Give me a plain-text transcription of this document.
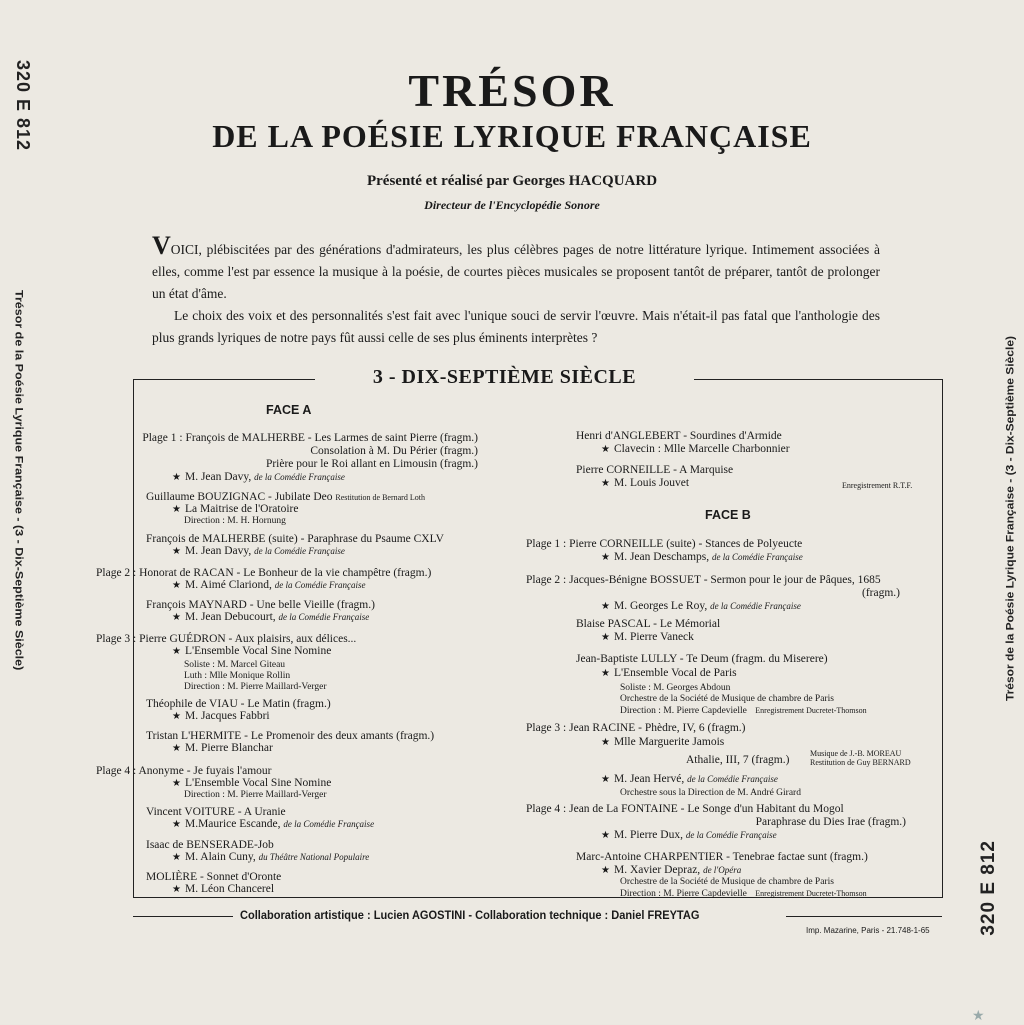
320 E 812
Trésor de la Poésie Lyrique Française - (3 - Dix-Septième Siècle)	Trésor de la Poésie Lyrique Française - (3 - Dix-Septième Siècle)
320 E 812
TRÉSOR
DE LA POÉSIE LYRIQUE FRANÇAISE
Présenté et réalisé par Georges HACQUARD
Directeur de l'Encyclopédie Sonore

VOICI, plébiscitées par des générations d'admirateurs, les plus célèbres pages de notre littérature lyrique. Intimement associées à elles, comme l'est par essence la musique à la poésie, de courtes pièces musicales se proposent tantôt de préparer, tantôt de prolonger un état d'âme.

Le choix des voix et des personnalités s'est fait avec l'unique souci de servir l'œuvre. Mais n'était-il pas fatal que l'anthologie des plus grands lyriques de notre pays fût aussi celle de ses plus éminents interprètes ?

3 - DIX-SEPTIÈME SIÈCLE
FACE A
Plage 1 : François de MALHERBE - Les Larmes de saint Pierre (fragm.)
Consolation à M. Du Périer (fragm.)
Prière pour le Roi allant en Limousin (fragm.)
★ M. Jean Davy, de la Comédie Française
Guillaume BOUZIGNAC - Jubilate Deo Restitution de Bernard Loth
★ La Maitrise de l'Oratoire
Direction : M. H. Hornung
François de MALHERBE (suite) - Paraphrase du Psaume CXLV
★ M. Jean Davy, de la Comédie Française
Plage 2 : Honorat de RACAN - Le Bonheur de la vie champêtre (fragm.)
★ M. Aimé Clariond, de la Comédie Française
François MAYNARD - Une belle Vieille (fragm.)
★ M. Jean Debucourt, de la Comédie Française
Plage 3 : Pierre GUÉDRON - Aux plaisirs, aux délices...
★ L'Ensemble Vocal Sine Nomine
Soliste : M. Marcel Giteau
Luth : Mlle Monique Rollin
Direction : M. Pierre Maillard-Verger
Théophile de VIAU - Le Matin (fragm.)
★ M. Jacques Fabbri
Tristan L'HERMITE - Le Promenoir des deux amants (fragm.)
★ M. Pierre Blanchar
Plage 4 : Anonyme - Je fuyais l'amour
★ L'Ensemble Vocal Sine Nomine
Direction : M. Pierre Maillard-Verger
Vincent VOITURE - A Uranie
★ M.Maurice Escande, de la Comédie Française
Isaac de BENSERADE-Job
★ M. Alain Cuny, du Théâtre National Populaire
MOLIÈRE - Sonnet d'Oronte
★ M. Léon Chancerel
Henri d'ANGLEBERT - Sourdines d'Armide
★ Clavecin : Mlle Marcelle Charbonnier
Pierre CORNEILLE - A Marquise
★ M. Louis Jouvet	Enregistrement R.T.F.
FACE B
Plage 1 : Pierre CORNEILLE (suite) - Stances de Polyeucte
★ M. Jean Deschamps, de la Comédie Française
Plage 2 : Jacques-Bénigne BOSSUET - Sermon pour le jour de Pâques, 1685
(fragm.)
★ M. Georges Le Roy, de la Comédie Française
Blaise PASCAL - Le Mémorial
★ M. Pierre Vaneck
Jean-Baptiste LULLY - Te Deum (fragm. du Miserere)
★ L'Ensemble Vocal de Paris
Soliste : M. Georges Abdoun
Orchestre de la Société de Musique de chambre de Paris
Direction : M. Pierre Capdevielle Enregistrement Ducretet-Thomson
Plage 3 : Jean RACINE - Phèdre, IV, 6 (fragm.)
★ Mlle Marguerite Jamois
Athalie, III, 7 (fragm.)
Musique de J.-B. MOREAU
Restitution de Guy BERNARD
★ M. Jean Hervé, de la Comédie Française
Orchestre sous la Direction de M. André Girard
Plage 4 : Jean de La FONTAINE - Le Songe d'un Habitant du Mogol
Paraphrase du Dies Irae (fragm.)
★ M. Pierre Dux, de la Comédie Française
Marc-Antoine CHARPENTIER - Tenebrae factae sunt (fragm.)
★ M. Xavier Depraz, de l'Opéra
Orchestre de la Société de Musique de chambre de Paris
Direction : M. Pierre Capdevielle Enregistrement Ducretet-Thomson
Collaboration artistique : Lucien AGOSTINI - Collaboration technique : Daniel FREYTAG
Imp. Mazarine, Paris - 21.748-1-65
★
